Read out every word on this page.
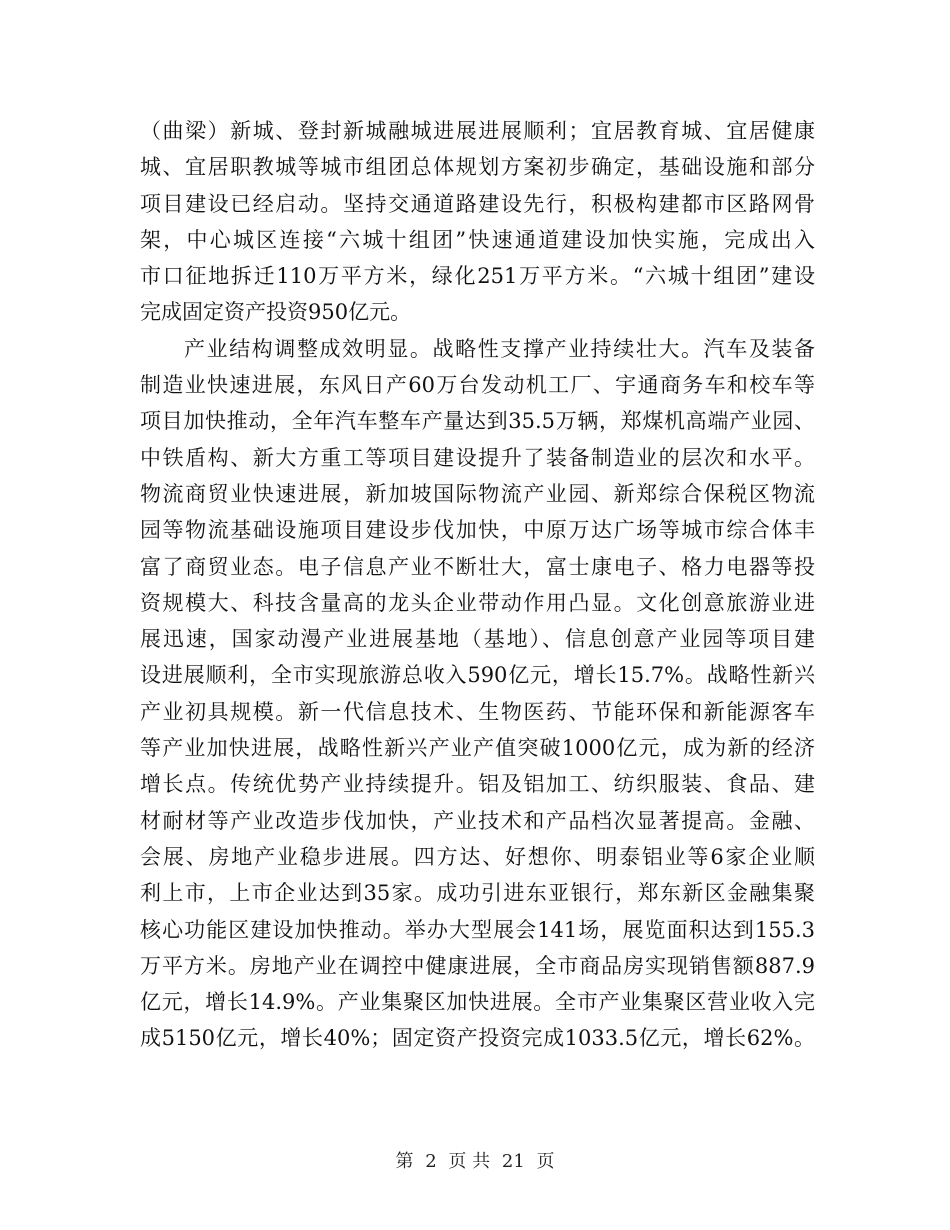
（曲梁）新城、登封新城融城进展进展顺利；宜居教育城、宜居健康
城、宜居职教城等城市组团总体规划方案初步确定，基础设施和部分
项目建设已经启动。坚持交通道路建设先行，积极构建都市区路网骨
架，中心城区连接“六城十组团”快速通道建设加快实施，完成出入
市口征地拆迁110万平方米，绿化251万平方米。“六城十组团”建设
完成固定资产投资950亿元。
产业结构调整成效明显。战略性支撑产业持续壮大。汽车及装备
制造业快速进展，东风日产60万台发动机工厂、宇通商务车和校车等
项目加快推动，全年汽车整车产量达到35.5万辆，郑煤机高端产业园、
中铁盾构、新大方重工等项目建设提升了装备制造业的层次和水平。
物流商贸业快速进展，新加坡国际物流产业园、新郑综合保税区物流
园等物流基础设施项目建设步伐加快，中原万达广场等城市综合体丰
富了商贸业态。电子信息产业不断壮大，富士康电子、格力电器等投
资规模大、科技含量高的龙头企业带动作用凸显。文化创意旅游业进
展迅速，国家动漫产业进展基地（基地）、信息创意产业园等项目建
设进展顺利，全市实现旅游总收入590亿元，增长15.7%。战略性新兴
产业初具规模。新一代信息技术、生物医药、节能环保和新能源客车
等产业加快进展，战略性新兴产业产值突破1000亿元，成为新的经济
增长点。传统优势产业持续提升。铝及铝加工、纺织服装、食品、建
材耐材等产业改造步伐加快，产业技术和产品档次显著提高。金融、
会展、房地产业稳步进展。四方达、好想你、明泰铝业等6家企业顺
利上市，上市企业达到35家。成功引进东亚银行，郑东新区金融集聚
核心功能区建设加快推动。举办大型展会141场，展览面积达到155.3
万平方米。房地产业在调控中健康进展，全市商品房实现销售额887.9
亿元，增长14.9%。产业集聚区加快进展。全市产业集聚区营业收入完
成5150亿元，增长40%；固定资产投资完成1033.5亿元，增长62%。
第 2 页 共 21 页
